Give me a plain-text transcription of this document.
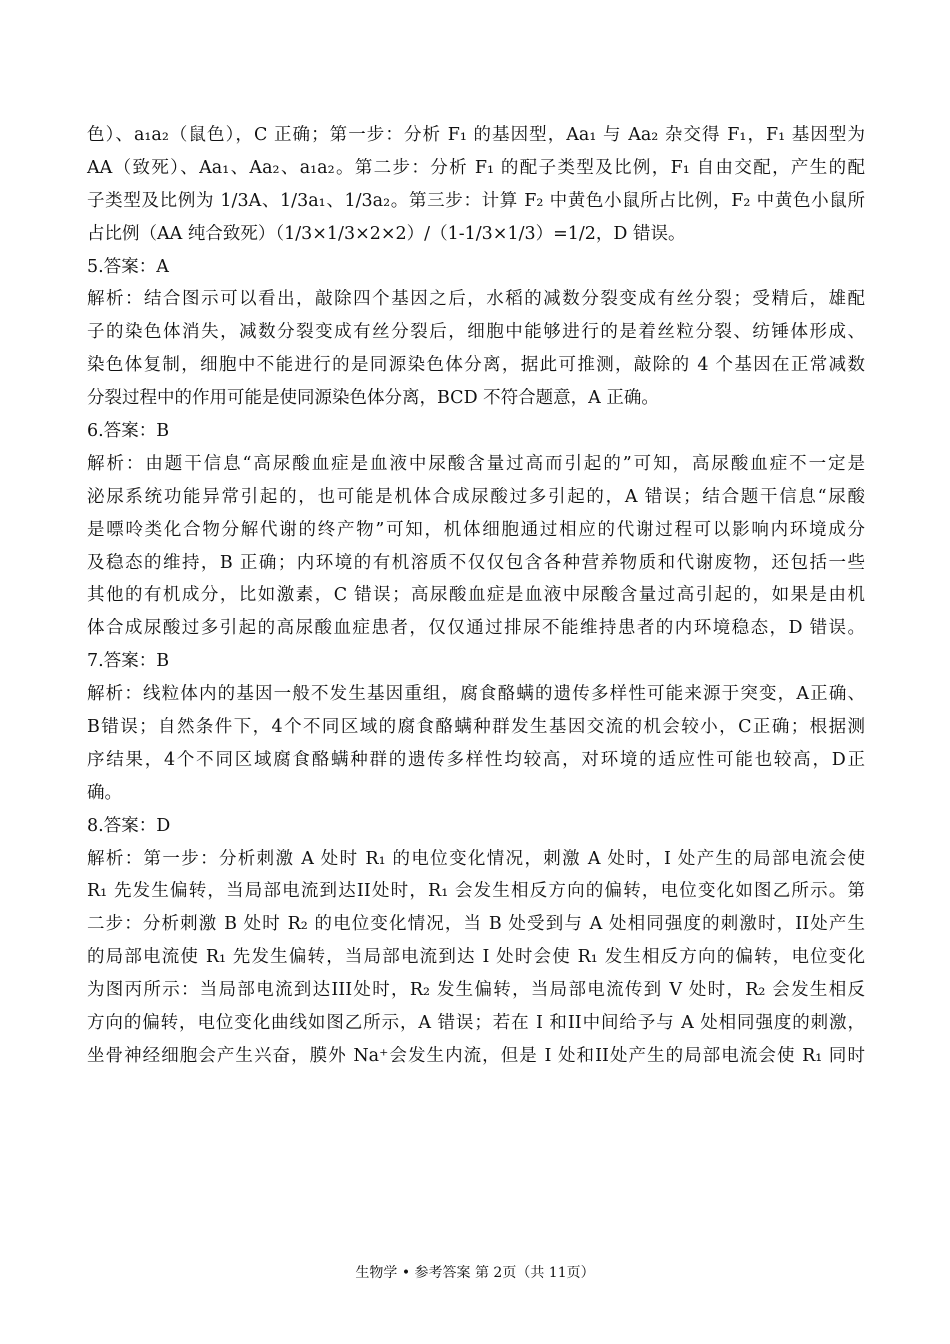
色）、a₁a₂（鼠色），C 正确；第一步：分析 F₁ 的基因型，Aa₁ 与 Aa₂ 杂交得 F₁，F₁ 基因型为
AA（致死）、Aa₁、Aa₂、a₁a₂。第二步：分析 F₁ 的配子类型及比例，F₁ 自由交配，产生的配
子类型及比例为 1/3A、1/3a₁、1/3a₂。第三步：计算 F₂ 中黄色小鼠所占比例，F₂ 中黄色小鼠所
占比例（AA 纯合致死）（1/3×1/3×2×2）/（1-1/3×1/3）=1/2，D 错误。
5.答案：A
解析：结合图示可以看出，敲除四个基因之后，水稻的减数分裂变成有丝分裂；受精后，雄配
子的染色体消失，减数分裂变成有丝分裂后，细胞中能够进行的是着丝粒分裂、纺锤体形成、
染色体复制，细胞中不能进行的是同源染色体分离，据此可推测，敲除的 4 个基因在正常减数
分裂过程中的作用可能是使同源染色体分离，BCD 不符合题意，A 正确。
6.答案：B
解析：由题干信息“高尿酸血症是血液中尿酸含量过高而引起的”可知，高尿酸血症不一定是
泌尿系统功能异常引起的，也可能是机体合成尿酸过多引起的，A 错误；结合题干信息“尿酸
是嘌呤类化合物分解代谢的终产物”可知，机体细胞通过相应的代谢过程可以影响内环境成分
及稳态的维持，B 正确；内环境的有机溶质不仅仅包含各种营养物质和代谢废物，还包括一些
其他的有机成分，比如激素，C 错误；高尿酸血症是血液中尿酸含量过高引起的，如果是由机
体合成尿酸过多引起的高尿酸血症患者，仅仅通过排尿不能维持患者的内环境稳态，D 错误。
7.答案：B
解析：线粒体内的基因一般不发生基因重组，腐食酪螨的遗传多样性可能来源于突变，A正确、
B错误；自然条件下，4个不同区域的腐食酪螨种群发生基因交流的机会较小，C正确；根据测
序结果，4个不同区域腐食酪螨种群的遗传多样性均较高，对环境的适应性可能也较高，D正
确。
8.答案：D
解析：第一步：分析刺激 A 处时 R₁ 的电位变化情况，刺激 A 处时，I 处产生的局部电流会使
R₁ 先发生偏转，当局部电流到达II处时，R₁ 会发生相反方向的偏转，电位变化如图乙所示。第
二步：分析刺激 B 处时 R₂ 的电位变化情况，当 B 处受到与 A 处相同强度的刺激时，II处产生
的局部电流使 R₁ 先发生偏转，当局部电流到达 I 处时会使 R₁ 发生相反方向的偏转，电位变化
为图丙所示：当局部电流到达III处时，R₂ 发生偏转，当局部电流传到 V 处时，R₂ 会发生相反
方向的偏转，电位变化曲线如图乙所示，A 错误；若在 I 和II中间给予与 A 处相同强度的刺激，
坐骨神经细胞会产生兴奋，膜外 Na⁺会发生内流，但是 I 处和II处产生的局部电流会使 R₁ 同时
生物学 • 参考答案 第 2页（共 11页）
